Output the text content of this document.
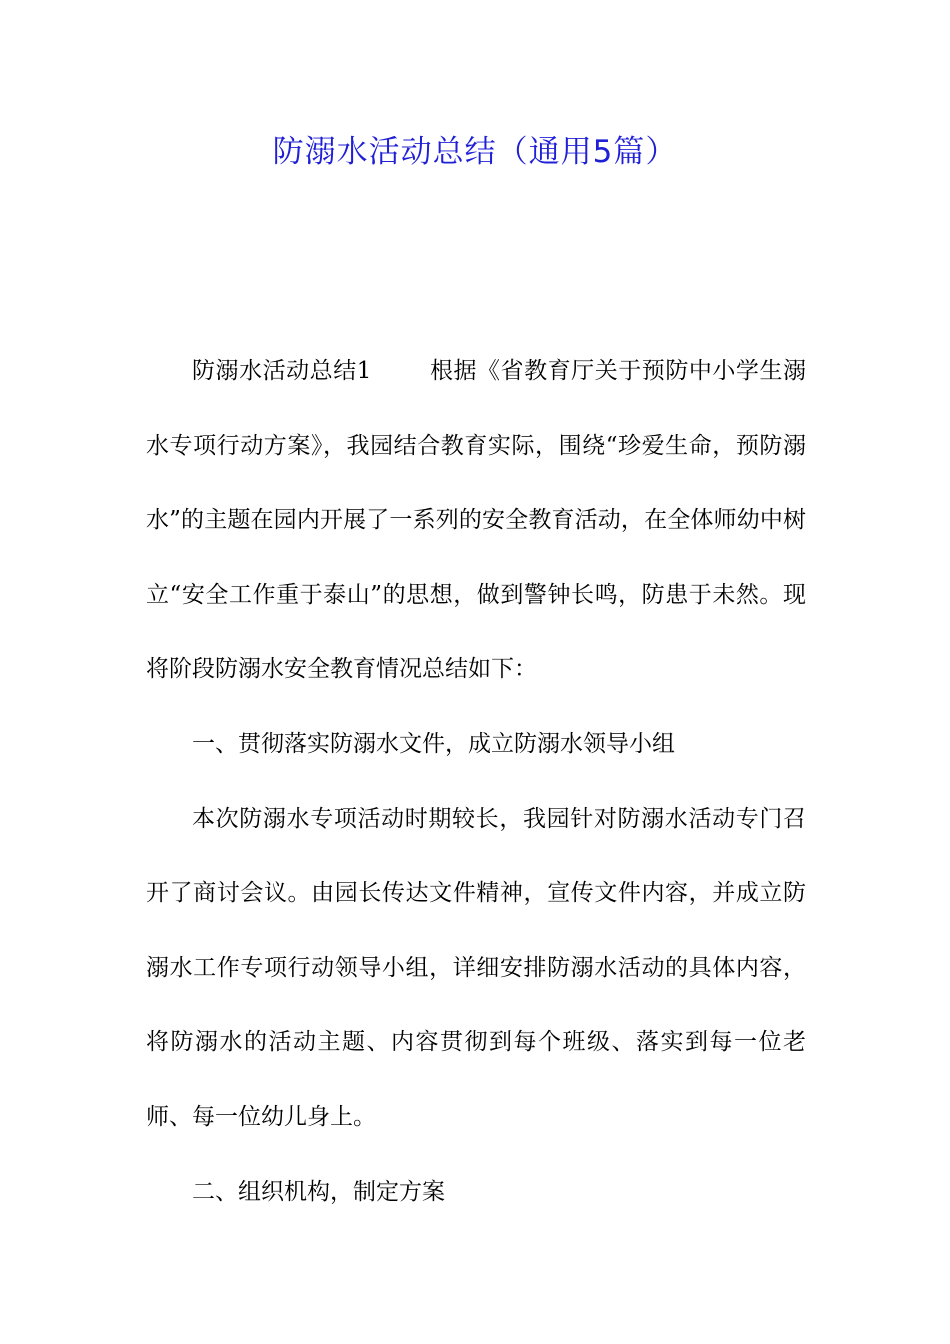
防溺水活动总结（通用5篇）

防溺水活动总结1	根据《省教育厅关于预防中小学生溺水专项行动方案》，我园结合教育实际，围绕“珍爱生命，预防溺水”的主题在园内开展了一系列的安全教育活动，在全体师幼中树立“安全工作重于泰山”的思想，做到警钟长鸣，防患于未然。现将阶段防溺水安全教育情况总结如下：

一、贯彻落实防溺水文件，成立防溺水领导小组

本次防溺水专项活动时期较长，我园针对防溺水活动专门召开了商讨会议。由园长传达文件精神，宣传文件内容，并成立防溺水工作专项行动领导小组，详细安排防溺水活动的具体内容，将防溺水的活动主题、内容贯彻到每个班级、落实到每一位老师、每一位幼儿身上。

二、组织机构，制定方案
